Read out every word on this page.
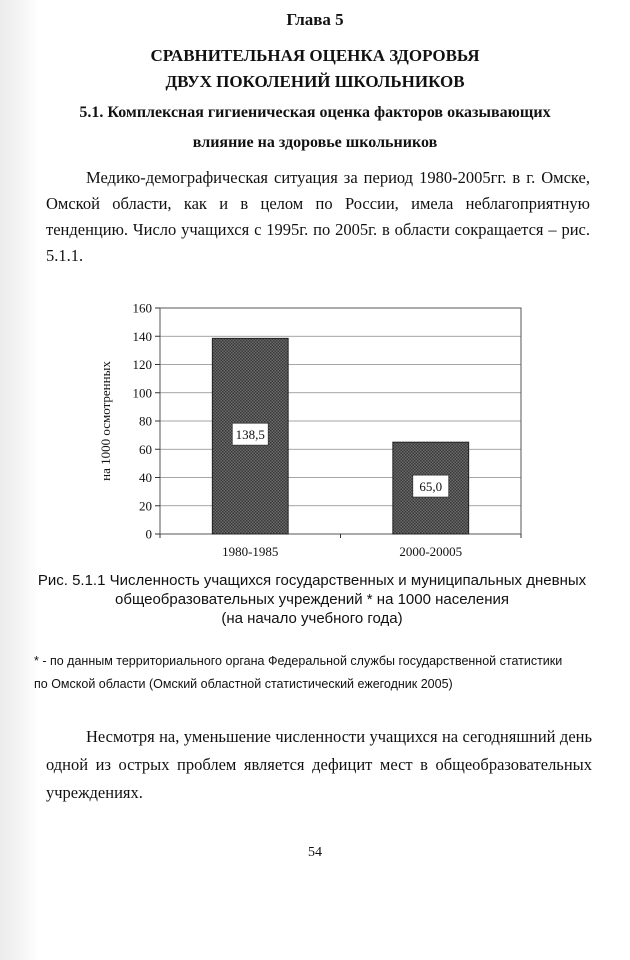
Глава 5
СРАВНИТЕЛЬНАЯ ОЦЕНКА ЗДОРОВЬЯ
ДВУХ ПОКОЛЕНИЙ ШКОЛЬНИКОВ
5.1. Комплексная гигиеническая оценка факторов оказывающих
влияние на здоровье школьников
Медико-демографическая ситуация за период 1980-2005гг. в г. Омске, Омской области, как и в целом по России, имела неблагоприятную тенденцию. Число учащихся с 1995г. по 2005г. в области сокращается – рис. 5.1.1.
0
20
40
60
80
100
120
140
160
138,5
65,0
1980-1985	2000-20005
на 1000 осмотренных
Рис. 5.1.1 Численность учащихся государственных и муниципальных дневных
общеобразовательных учреждений * на 1000 населения
(на начало учебного года)
* - по данным территориального органа Федеральной службы государственной статистики
по Омской области (Омский областной статистический ежегодник 2005)
Несмотря на, уменьшение численности учащихся на сегодняшний день одной из острых проблем является дефицит мест в общеобразовательных учреждениях.
54
